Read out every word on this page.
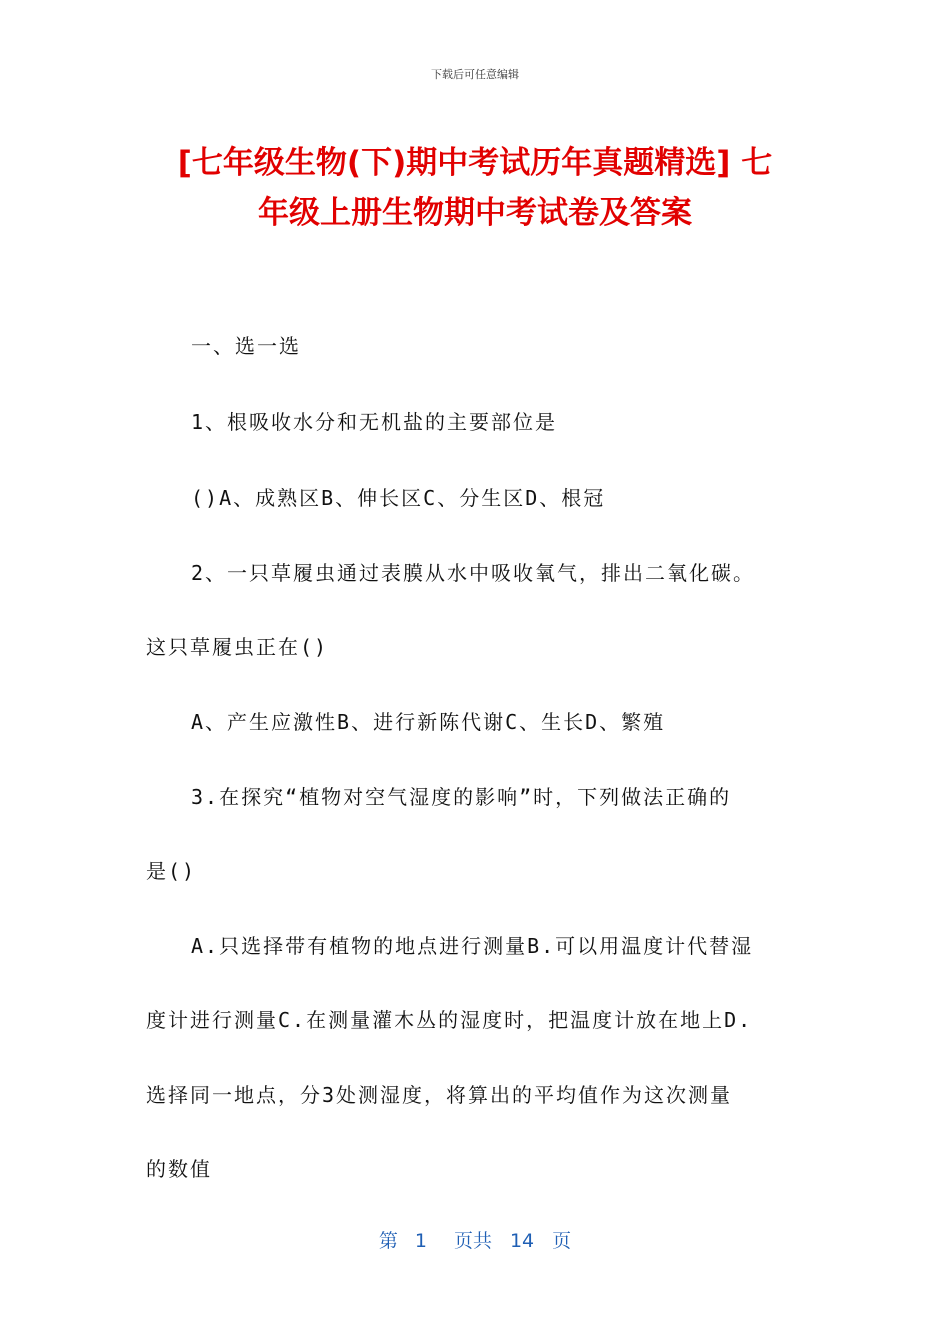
下载后可任意编辑
[七年级生物(下)期中考试历年真题精选] 七
年级上册生物期中考试卷及答案
一、选一选
1、根吸收水分和无机盐的主要部位是
()A、成熟区B、伸长区C、分生区D、根冠
2、一只草履虫通过表膜从水中吸收氧气，排出二氧化碳。
这只草履虫正在()
A、产生应激性B、进行新陈代谢C、生长D、繁殖
3.在探究“植物对空气湿度的影响”时，下列做法正确的
是()
A.只选择带有植物的地点进行测量B.可以用温度计代替湿
度计进行测量C.在测量灌木丛的湿度时，把温度计放在地上D.
选择同一地点，分3处测湿度，将算出的平均值作为这次测量
的数值
第 1 页共 14 页
